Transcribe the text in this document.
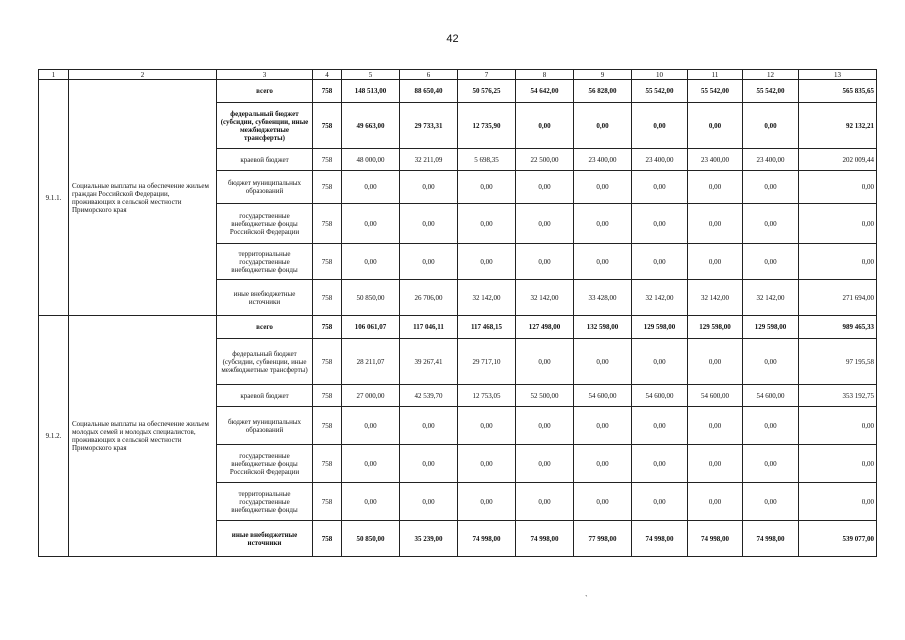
42
1	2	3	4	5	6	7	8	9	10	11	12	13
9.1.1.	Социальные выплаты на обеспечение жильем граждан Российской Федерации, проживающих в сельской местности Приморского края	всего	758	148 513,00	88 650,40	50 576,25	54 642,00	56 828,00	55 542,00	55 542,00	55 542,00	565 835,65
		федеральный бюджет (субсидии, субвенции, иные межбюджетные трансферты)	758	49 663,00	29 733,31	12 735,90	0,00	0,00	0,00	0,00	0,00	92 132,21
		краевой бюджет	758	48 000,00	32 211,09	5 698,35	22 500,00	23 400,00	23 400,00	23 400,00	23 400,00	202 009,44
		бюджет муниципальных образований	758	0,00	0,00	0,00	0,00	0,00	0,00	0,00	0,00	0,00
		государственные внебюджетные фонды Российской Федерации	758	0,00	0,00	0,00	0,00	0,00	0,00	0,00	0,00	0,00
		территориальные государственные внебюджетные фонды	758	0,00	0,00	0,00	0,00	0,00	0,00	0,00	0,00	0,00
		иные внебюджетные источники	758	50 850,00	26 706,00	32 142,00	32 142,00	33 428,00	32 142,00	32 142,00	32 142,00	271 694,00
9.1.2.	Социальные выплаты на обеспечение жильем молодых семей и молодых специалистов, проживающих в сельской местности Приморского края	всего	758	106 061,07	117 046,11	117 468,15	127 498,00	132 598,00	129 598,00	129 598,00	129 598,00	989 465,33
		федеральный бюджет (субсидии, субвенции, иные межбюджетные трансферты)	758	28 211,07	39 267,41	29 717,10	0,00	0,00	0,00	0,00	0,00	97 195,58
		краевой бюджет	758	27 000,00	42 539,70	12 753,05	52 500,00	54 600,00	54 600,00	54 600,00	54 600,00	353 192,75
		бюджет муниципальных образований	758	0,00	0,00	0,00	0,00	0,00	0,00	0,00	0,00	0,00
		государственные внебюджетные фонды Российской Федерации	758	0,00	0,00	0,00	0,00	0,00	0,00	0,00	0,00	0,00
		территориальные государственные внебюджетные фонды	758	0,00	0,00	0,00	0,00	0,00	0,00	0,00	0,00	0,00
		иные внебюджетные источники	758	50 850,00	35 239,00	74 998,00	74 998,00	77 998,00	74 998,00	74 998,00	74 998,00	539 077,00
`
